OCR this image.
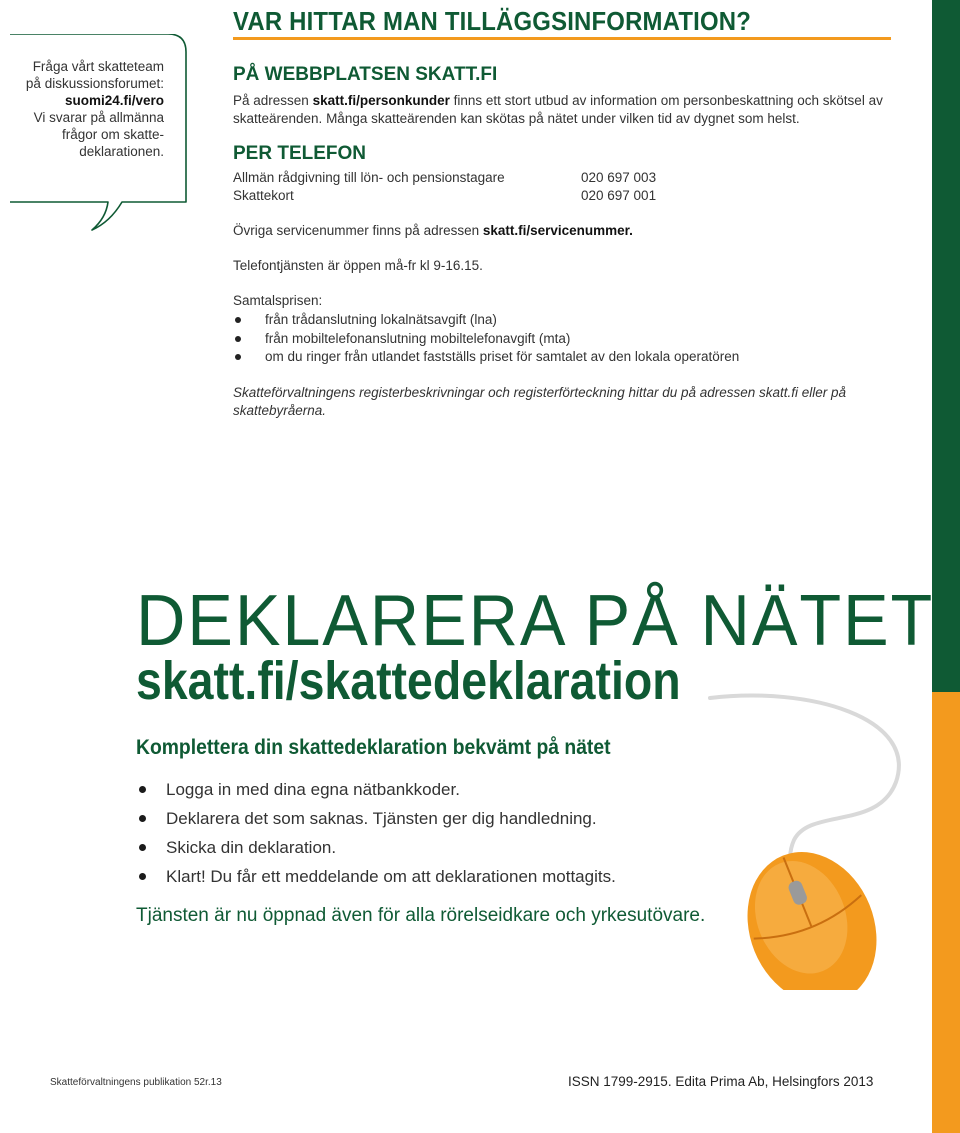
Fråga vårt skatteteam
på diskussionsforumet:
suomi24.fi/vero
Vi svarar på allmänna
frågor om skatte-
deklarationen.
VAR HITTAR MAN TILLÄGGSINFORMATION?
PÅ WEBBPLATSEN SKATT.FI
På adressen skatt.fi/personkunder finns ett stort utbud av information om personbeskattning och skötsel av skatteärenden. Många skatteärenden kan skötas på nätet under vilken tid av dygnet som helst.
PER TELEFON
Allmän rådgivning till lön- och pensionstagare	020 697 003
Skattekort	020 697 001
Övriga servicenummer finns på adressen skatt.fi/servicenummer.
Telefontjänsten är öppen må-fr kl 9-16.15.
Samtalsprisen:
från trådanslutning lokalnätsavgift (lna)
från mobiltelefonanslutning mobiltelefonavgift (mta)
om du ringer från utlandet fastställs priset för samtalet av den lokala operatören
Skatteförvaltningens registerbeskrivningar och registerförteckning hittar du på adressen skatt.fi eller på skattebyråerna.
DEKLARERA PÅ NÄTET
skatt.fi/skattedeklaration
Komplettera din skattedeklaration bekvämt på nätet
Logga in med dina egna nätbankkoder.
Deklarera det som saknas. Tjänsten ger dig handledning.
Skicka din deklaration.
Klart! Du får ett meddelande om att deklarationen mottagits.
Tjänsten är nu öppnad även för alla rörelseidkare och yrkesutövare.
Skatteförvaltningens publikation 52r.13	ISSN 1799-2915. Edita Prima Ab, Helsingfors 2013
